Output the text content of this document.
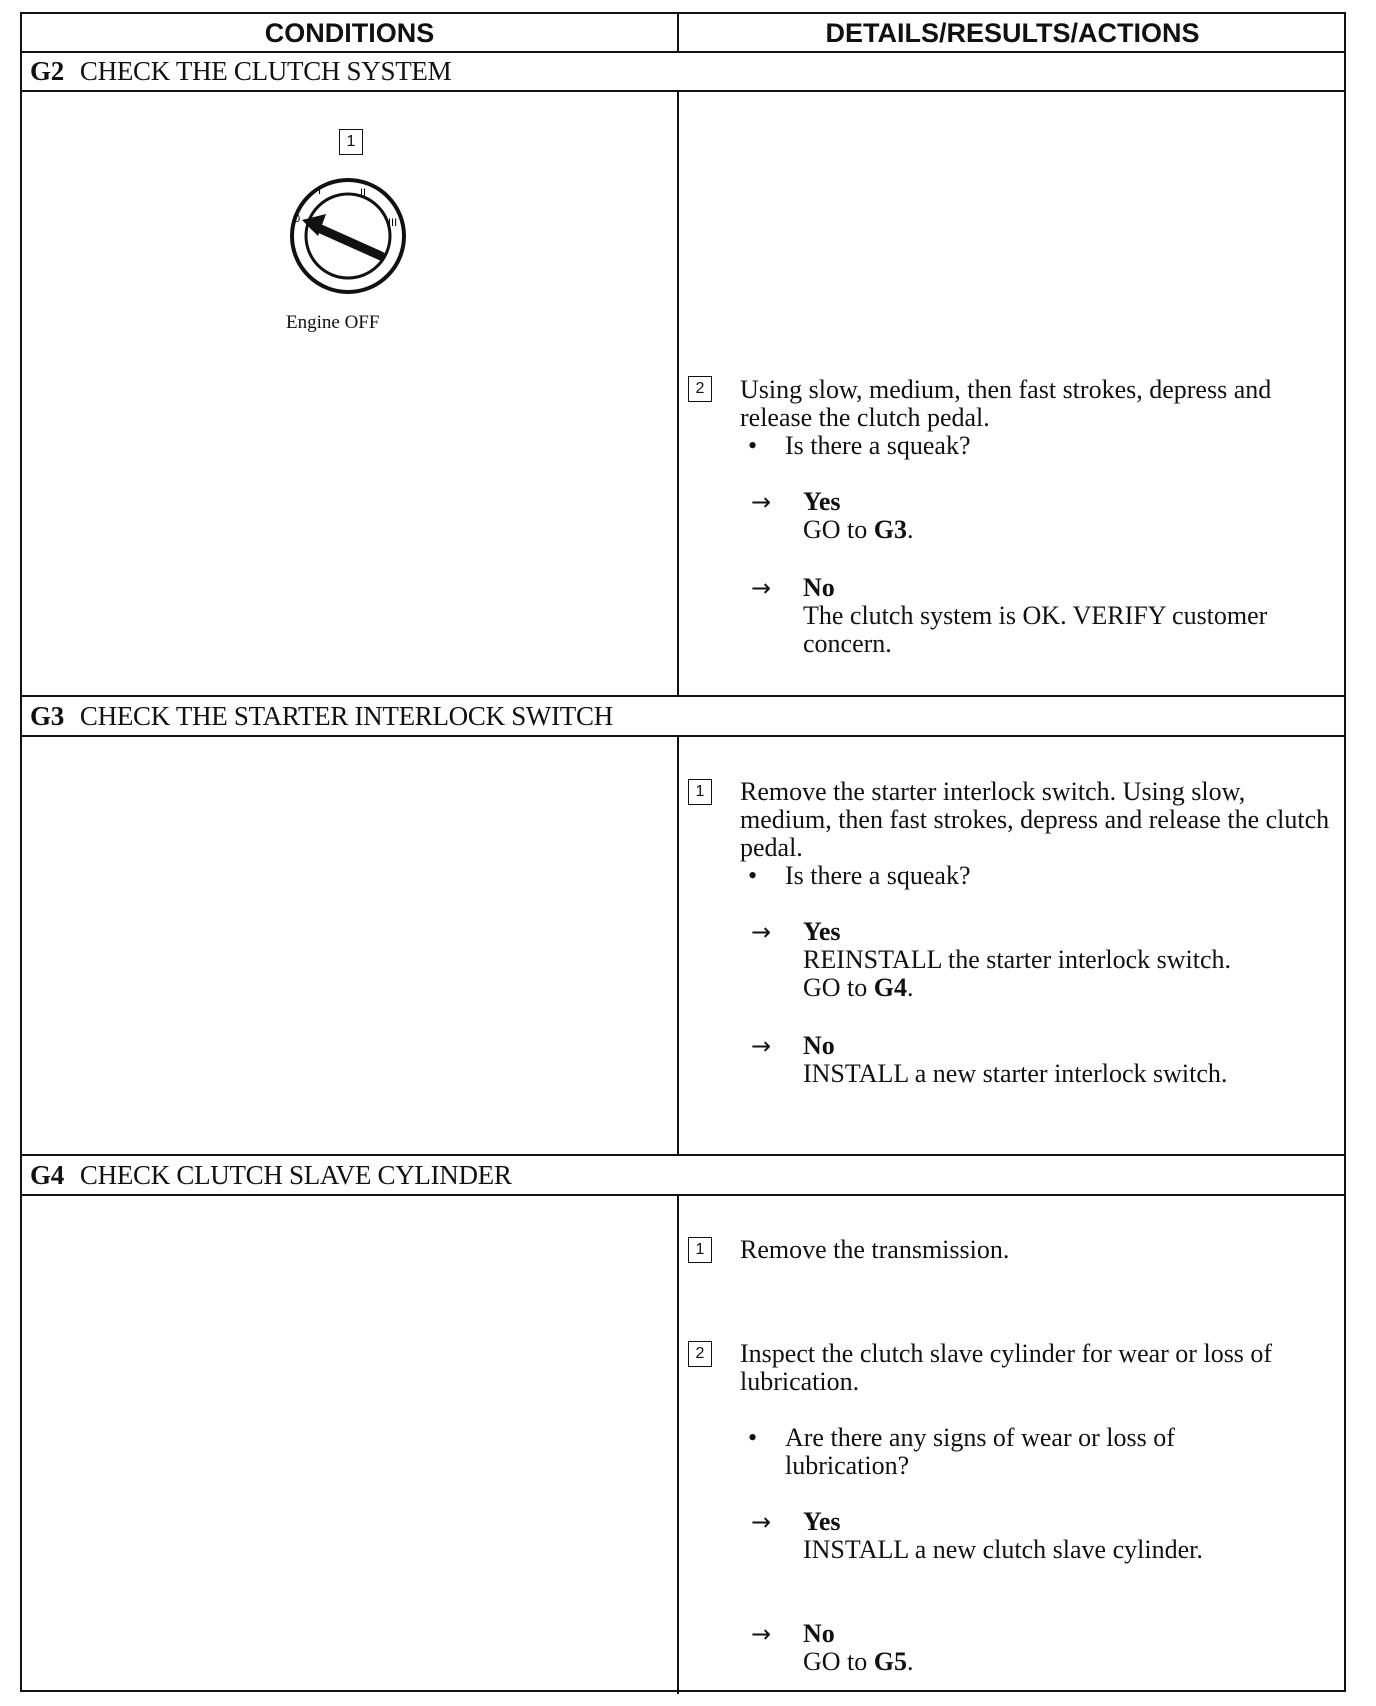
CONDITIONS	DETAILS/RESULTS/ACTIONS
G2 CHECK THE CLUTCH SYSTEM
1
0
I	II
III
Engine OFF
2 Using slow, medium, then fast strokes, depress and release the clutch pedal.
• Is there a squeak?
→ Yes
GO to G3.
→ No
The clutch system is OK. VERIFY customer concern.
G3 CHECK THE STARTER INTERLOCK SWITCH
1 Remove the starter interlock switch. Using slow, medium, then fast strokes, depress and release the clutch pedal.
• Is there a squeak?
→ Yes
REINSTALL the starter interlock switch.
GO to G4.
→ No
INSTALL a new starter interlock switch.
G4 CHECK CLUTCH SLAVE CYLINDER
1 Remove the transmission.
2 Inspect the clutch slave cylinder for wear or loss of lubrication.
• Are there any signs of wear or loss of lubrication?
→ Yes
INSTALL a new clutch slave cylinder.
→ No
GO to G5.
